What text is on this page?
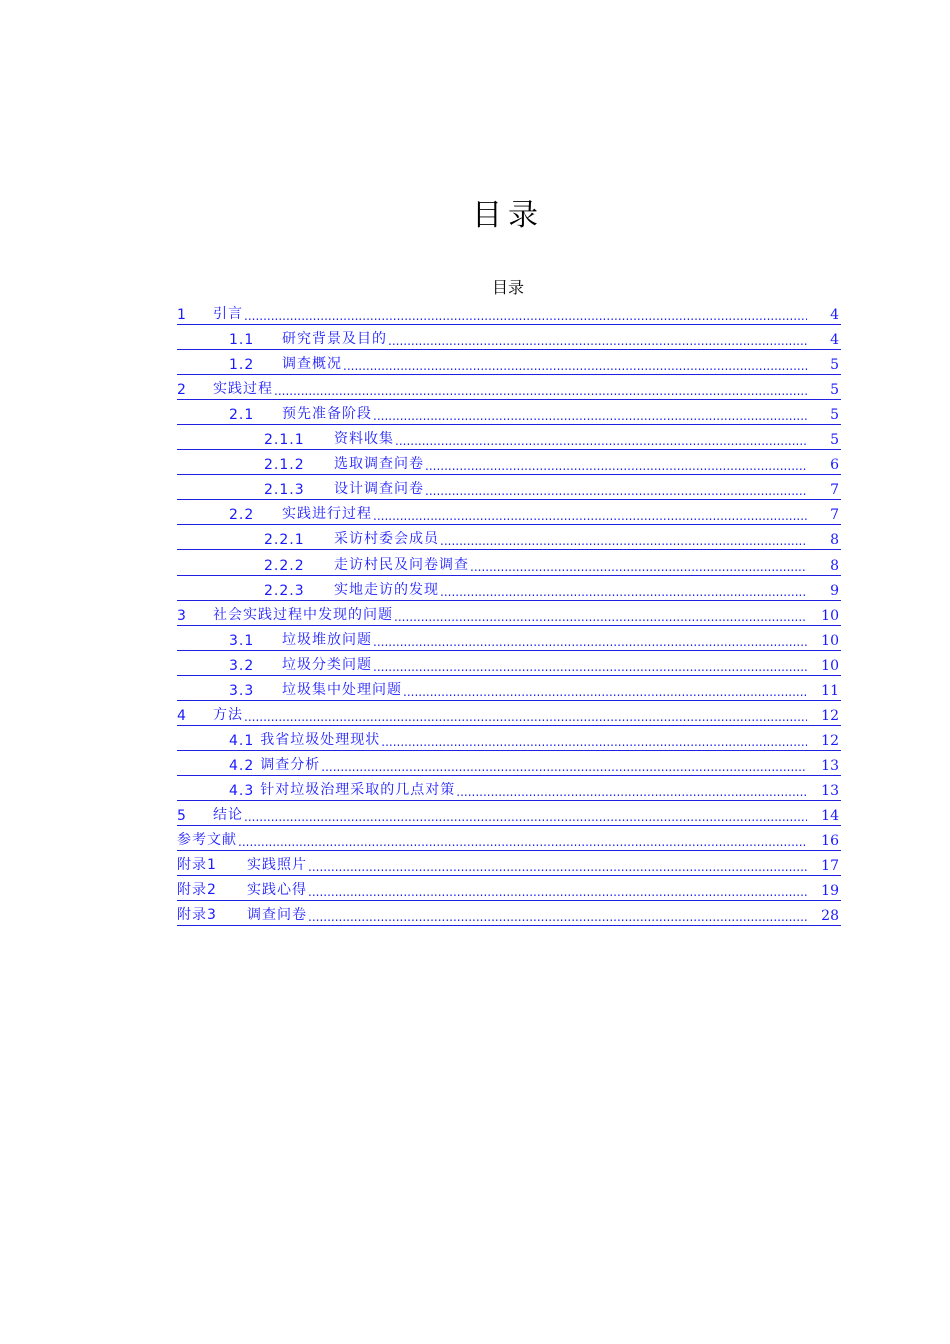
目录
目录
1	引言 .....	4
1.1	研究背景及目的 .....	4
1.2	调查概况 .....	5
2	实践过程 .....	5
2.1	预先准备阶段 .....	5
2.1.1	资料收集 .....	5
2.1.2	选取调查问卷 .....	6
2.1.3	设计调查问卷 .....	7
2.2	实践进行过程 .....	7
2.2.1	采访村委会成员 .....	8
2.2.2	走访村民及问卷调查 .....	8
2.2.3	实地走访的发现 .....	9
3	社会实践过程中发现的问题 .....	10
3.1	垃圾堆放问题 .....	10
3.2	垃圾分类问题 .....	10
3.3	垃圾集中处理问题 .....	11
4	方法 .....	12
4.1 我省垃圾处理现状 .....	12
4.2 调查分析 .....	13
4.3 针对垃圾治理采取的几点对策 .....	13
5	结论 .....	14
参考文献 .....	16
附录1	实践照片 .....	17
附录2	实践心得 .....	19
附录3	调查问卷 .....	28
